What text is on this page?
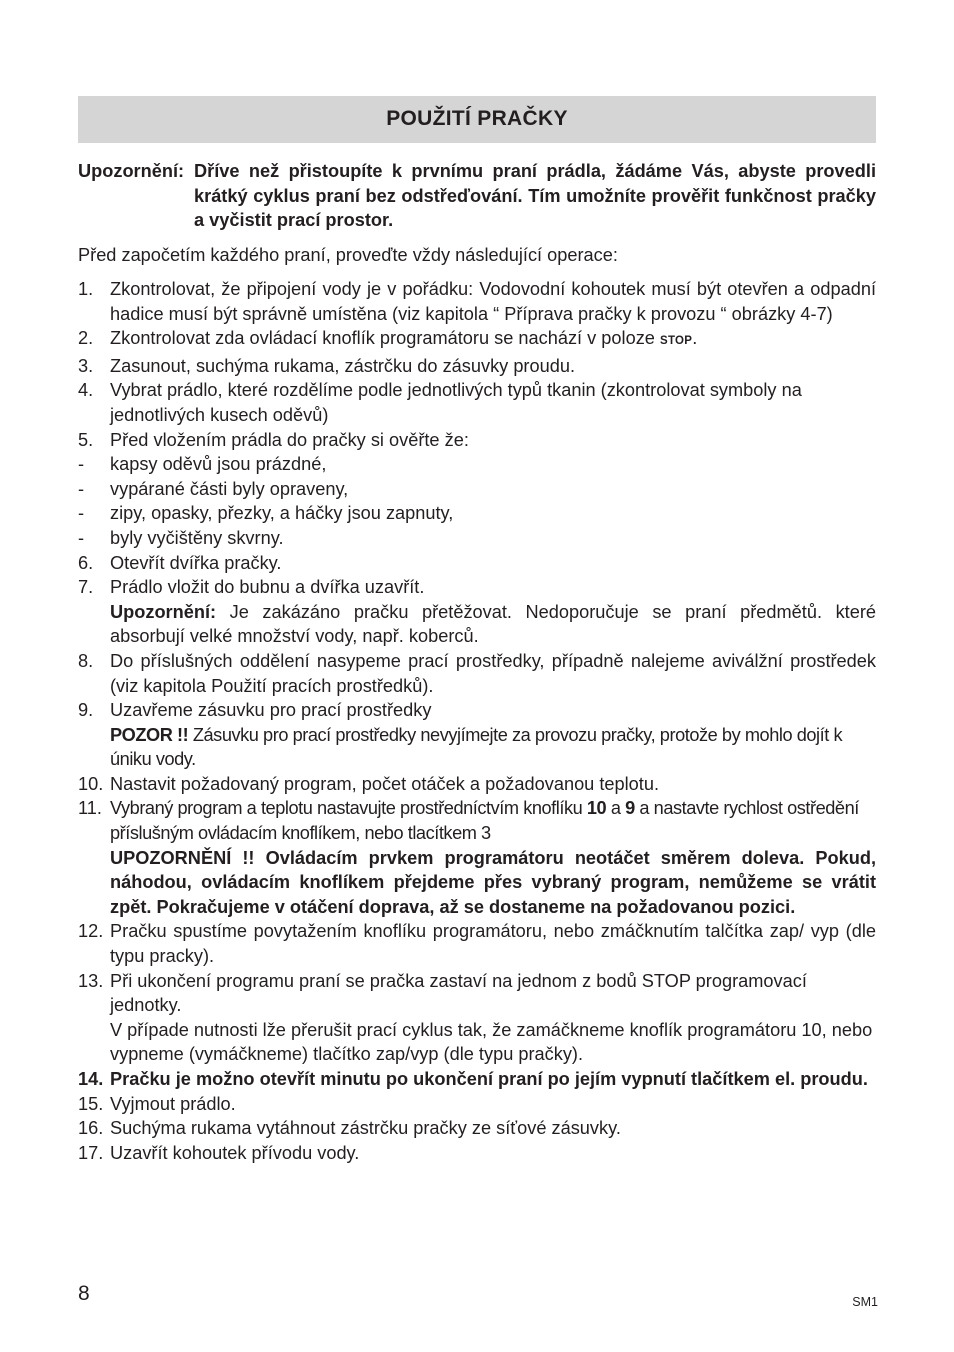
POUŽITÍ PRAČKY
Upozornění: Dříve než přistoupíte k prvnímu praní prádla, žádáme Vás, abyste provedli krátký cyklus praní bez odstřeďování. Tím umožníte prověřit funkčnost pračky a vyčistit prací prostor.
Před započetím každého praní, proveďte vždy následující operace:
1. Zkontrolovat, že připojení vody je v pořádku: Vodovodní kohoutek musí být otevřen a odpadní hadice musí být správně umístěna (viz kapitola “ Příprava pračky k provozu “ obrázky 4-7)
2. Zkontrolovat zda ovládací knoflík programátoru se nachází v poloze STOP.
3. Zasunout, suchýma rukama, zástrčku do zásuvky proudu.
4. Vybrat prádlo, které rozdělíme podle jednotlivých typů tkanin (zkontrolovat symboly na jednotlivých kusech oděvů)
5. Před vložením prádla do pračky si ověřte že:
-	kapsy oděvů jsou prázdné,
-	vypárané části byly opraveny,
-	zipy, opasky, přezky, a háčky jsou zapnuty,
-	byly vyčištěny skvrny.
6. Otevřít dvířka pračky.
7. Prádlo vložit do bubnu a dvířka uzavřít.
Upozornění: Je zakázáno pračku přetěžovat. Nedoporučuje se praní předmětů. které absorbují velké množství vody, např. koberců.
8. Do příslušných oddělení nasypeme prací prostředky, případně nalejeme aviválžní prostředek (viz kapitola Použití pracích prostředků).
9. Uzavřeme zásuvku pro prací prostředky
POZOR !! Zásuvku pro prací prostředky nevyjímejte za provozu pračky, protože by mohlo dojít k úniku vody.
10. Nastavit požadovaný program, počet otáček a požadovanou teplotu.
11. Vybraný program a teplotu nastavujte prostředníctvím knoflíku 10 a 9 a nastavte rychlost ostředění příslušným ovládacím knoflíkem, nebo tlacítkem 3
UPOZORNĚNÍ !! Ovládacím prvkem programátoru neotáčet směrem doleva. Pokud, náhodou, ovládacím knoflíkem přejdeme přes vybraný program, nemůžeme se vrátit zpět. Pokračujeme v otáčení doprava, až se dostaneme na požadovanou pozici.
12. Pračku spustíme povytažením knoflíku programátoru, nebo zmáčknutím talčítka zap/ vyp (dle typu pracky).
13. Při ukončení programu praní se pračka zastaví na jednom z bodů STOP programovací jednotky.
V případe nutnosti lže přerušit prací cyklus tak, že zamáčkneme knoflík programátoru 10, nebo vypneme (vymáčkneme) tlačítko zap/vyp (dle typu pračky).
14. Pračku je možno otevřít minutu po ukončení praní po jejím vypnutí tlačítkem el. proudu.
15. Vyjmout prádlo.
16. Suchýma rukama vytáhnout zástrčku pračky ze síťové zásuvky.
17. Uzavřít kohoutek přívodu vody.
8	SM1
